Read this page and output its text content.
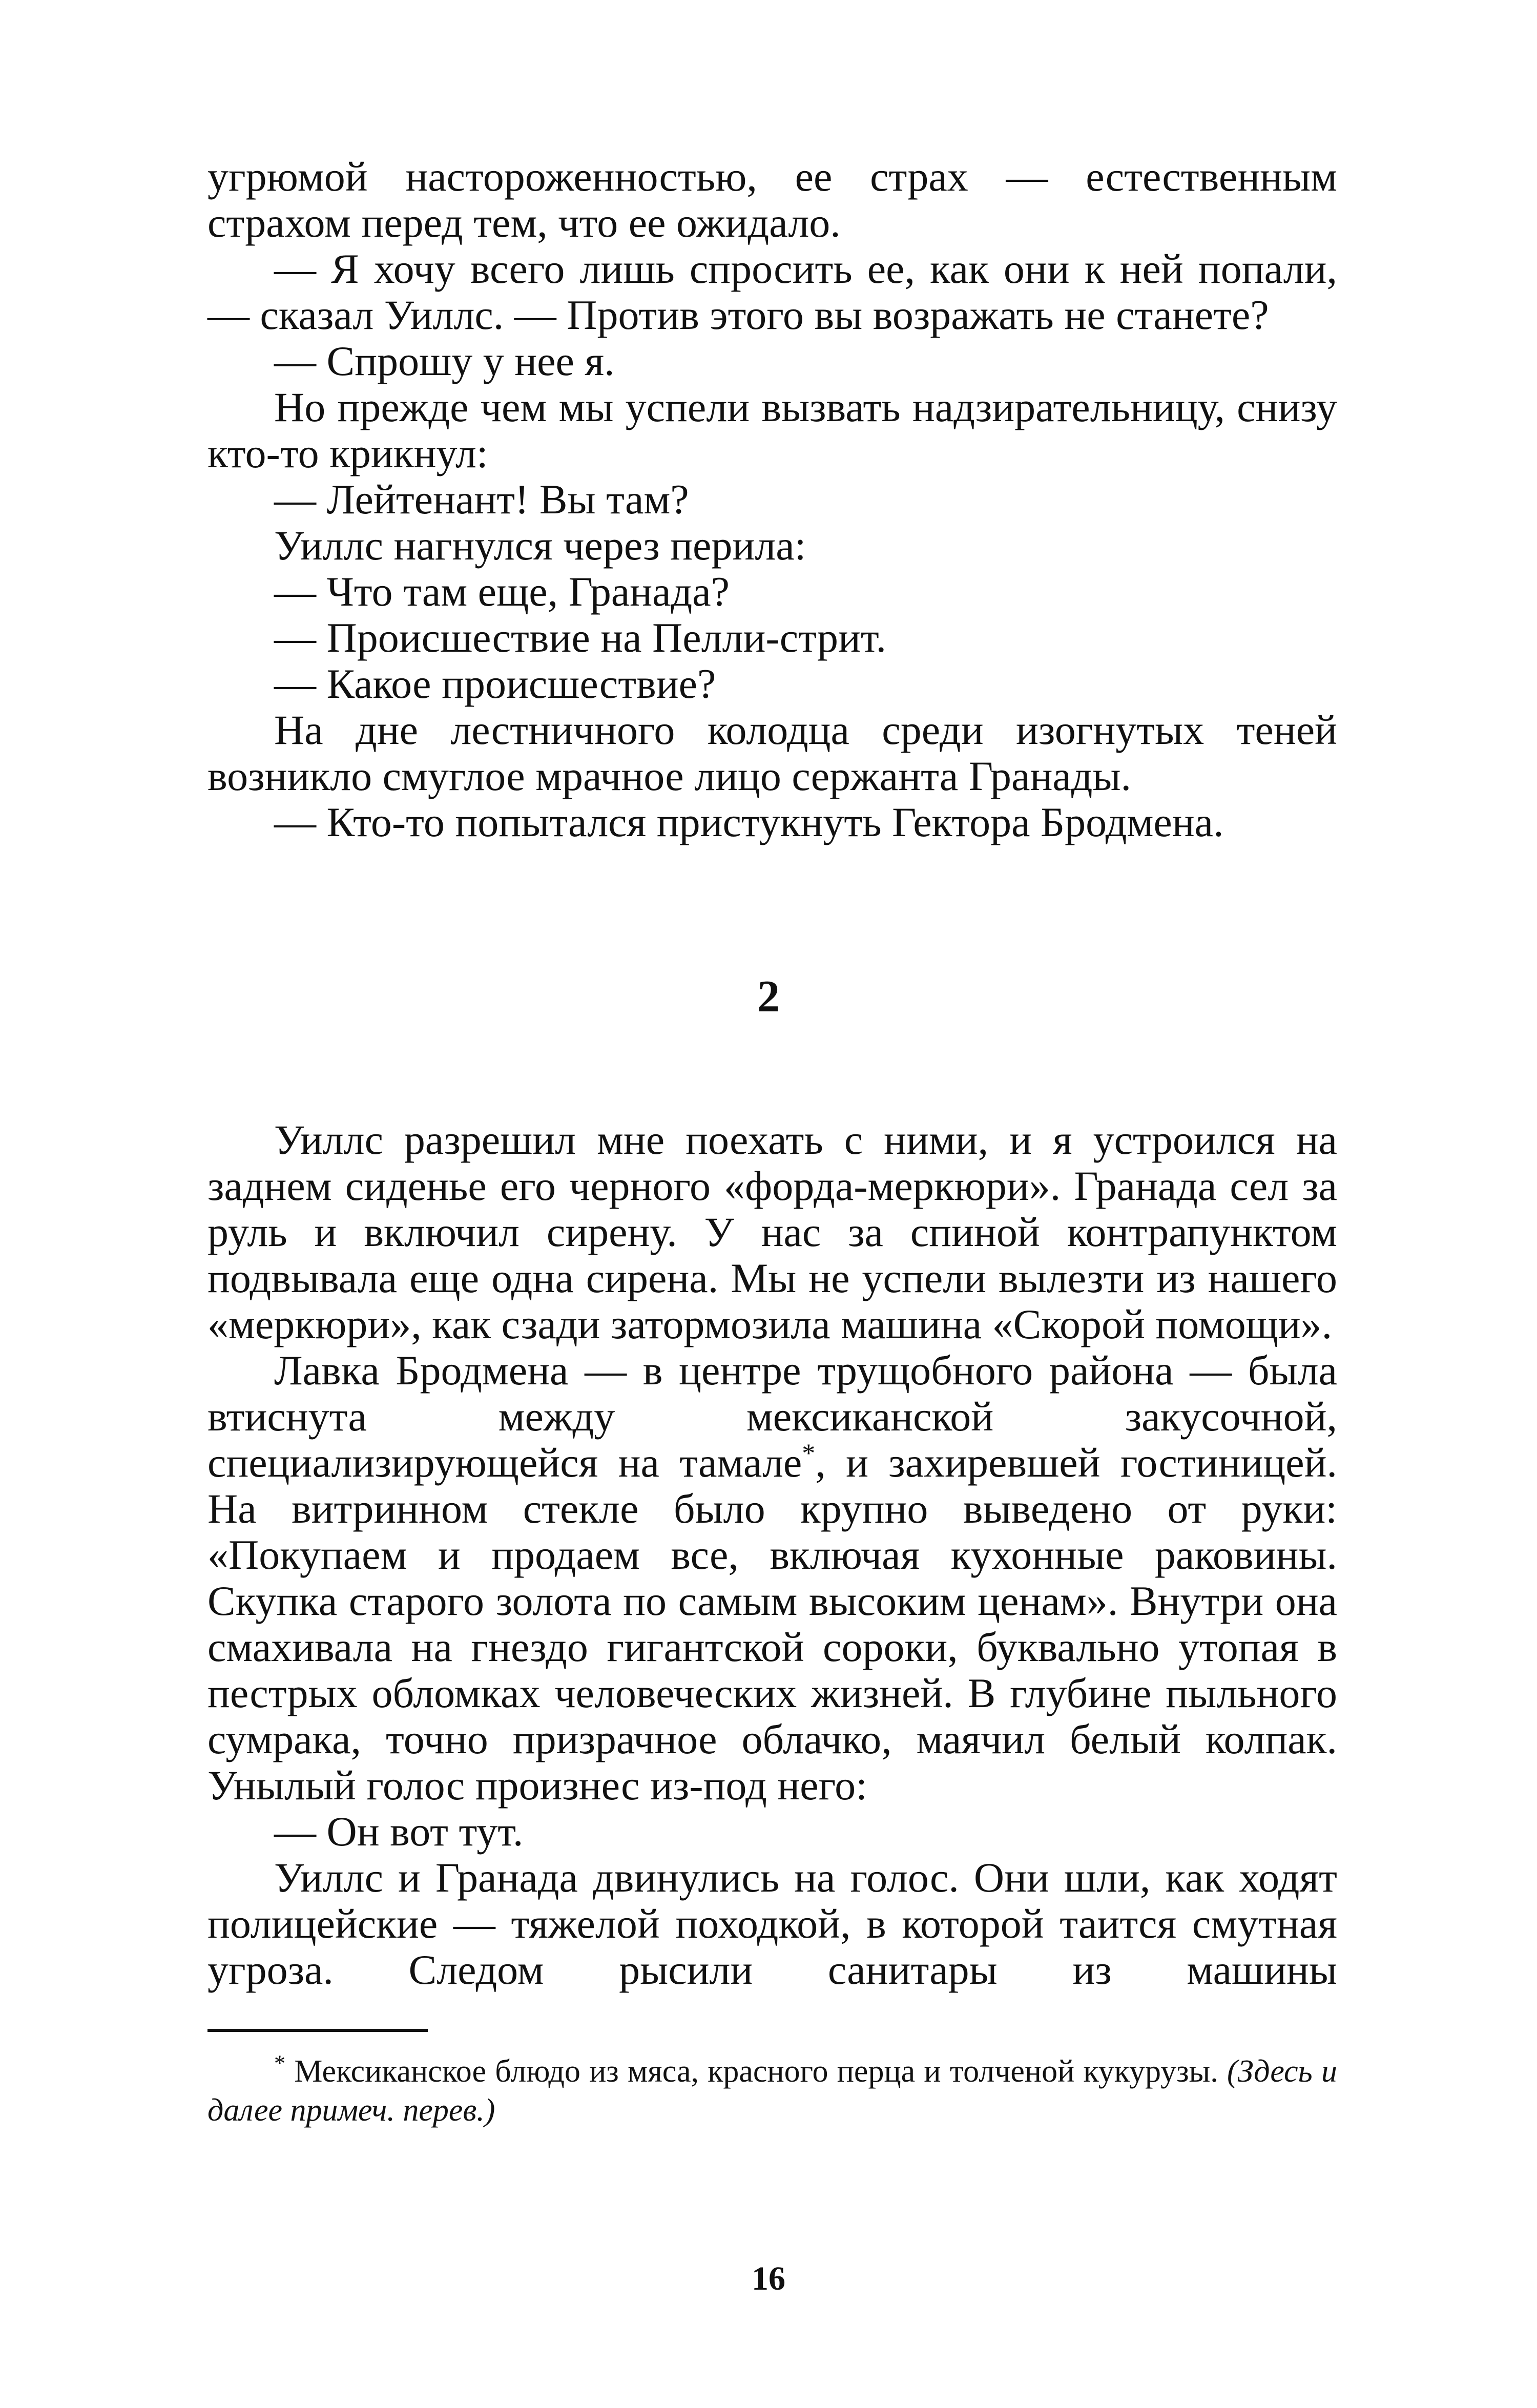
угрюмой настороженностью, ее страх — естественным страхом перед тем, что ее ожидало.

— Я хочу всего лишь спросить ее, как они к ней попали, — сказал Уиллс. — Против этого вы возражать не станете?

— Спрошу у нее я.

Но прежде чем мы успели вызвать надзирательницу, снизу кто-то крикнул:

— Лейтенант! Вы там?

Уиллс нагнулся через перила:

— Что там еще, Гранада?

— Происшествие на Пелли-стрит.

— Какое происшествие?

На дне лестничного колодца среди изогнутых теней возникло смуглое мрачное лицо сержанта Гранады.

— Кто-то попытался пристукнуть Гектора Бродмена.

2

Уиллс разрешил мне поехать с ними, и я устроился на заднем сиденье его черного «форда-меркюри». Гранада сел за руль и включил сирену. У нас за спиной контрапунктом подвывала еще одна сирена. Мы не успели вылезти из нашего «меркюри», как сзади затормозила машина «Скорой помощи».

Лавка Бродмена — в центре трущобного района — была втиснута между мексиканской закусочной, специализирующейся на тамале*, и захиревшей гостиницей. На витринном стекле было крупно выведено от руки: «Покупаем и продаем все, включая кухонные раковины. Скупка старого золота по самым высоким ценам». Внутри она смахивала на гнездо гигантской сороки, буквально утопая в пестрых обломках человеческих жизней. В глубине пыльного сумрака, точно призрачное облачко, маячил белый колпак. Унылый голос произнес из-под него:

— Он вот тут.

Уиллс и Гранада двинулись на голос. Они шли, как ходят полицейские — тяжелой походкой, в которой таится смутная угроза. Следом рысили санитары из машины

* Мексиканское блюдо из мяса, красного перца и толченой кукурузы. (Здесь и далее примеч. перев.)

16
